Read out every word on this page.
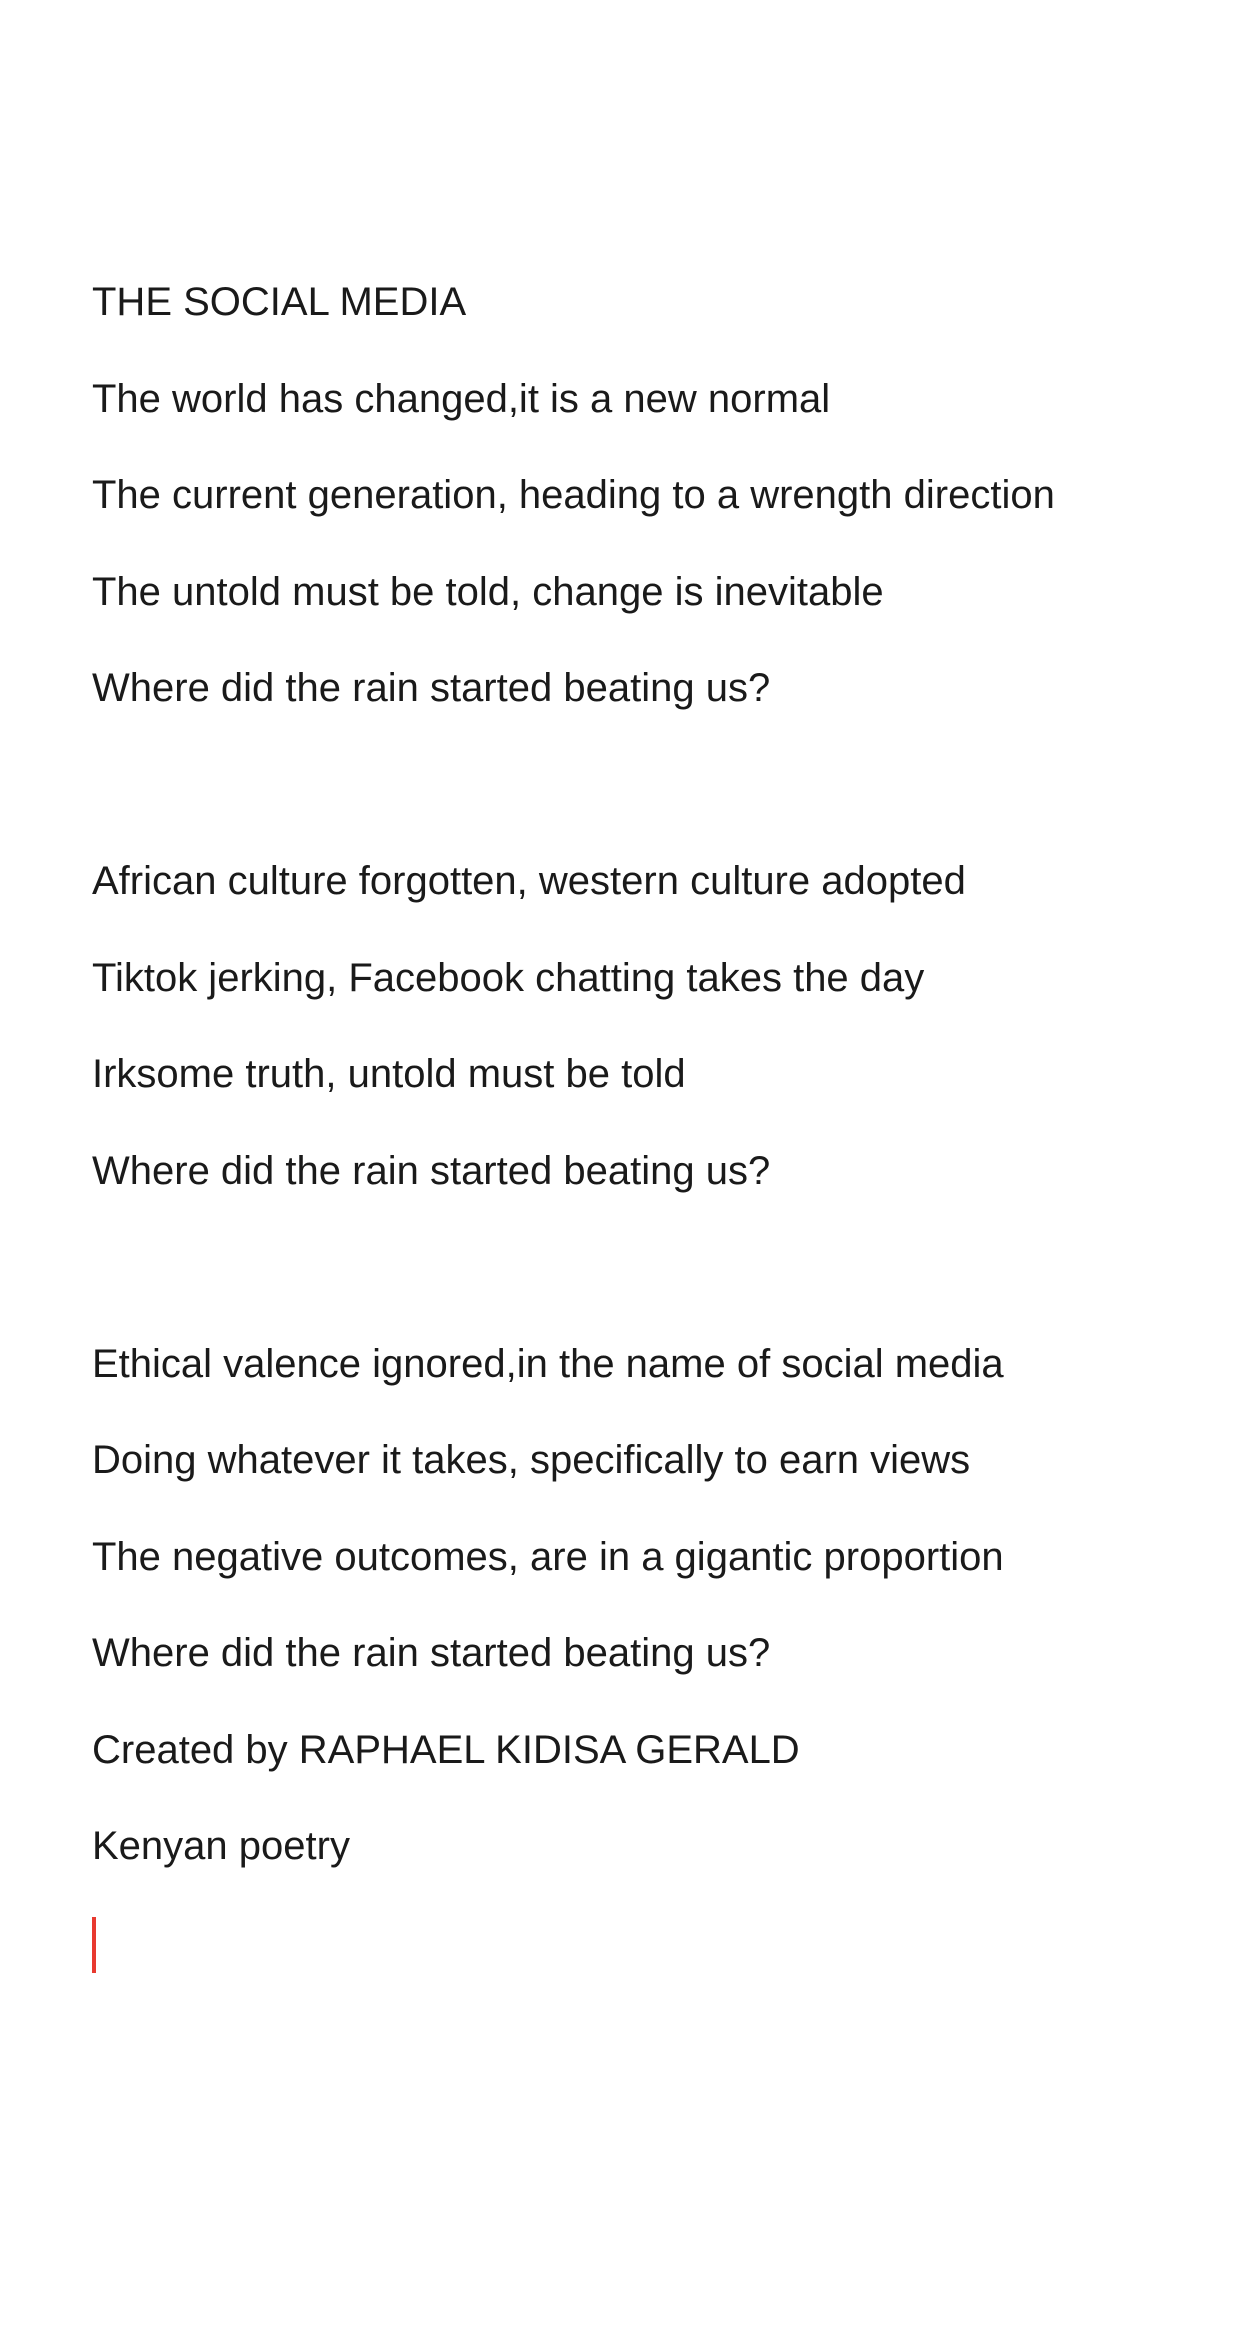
THE SOCIAL MEDIA

The world has changed,it is a new normal

The current generation, heading to a wrength direction

The untold must be told, change is inevitable

Where did the rain started beating us?

African culture forgotten, western culture adopted

Tiktok jerking, Facebook chatting takes the day

Irksome truth, untold must be told

Where did the rain started beating us?

Ethical valence ignored,in the name of social media

Doing whatever it takes, specifically to earn views

The negative outcomes, are in a gigantic proportion

Where did the rain started beating us?

Created by RAPHAEL KIDISA GERALD

Kenyan poetry
